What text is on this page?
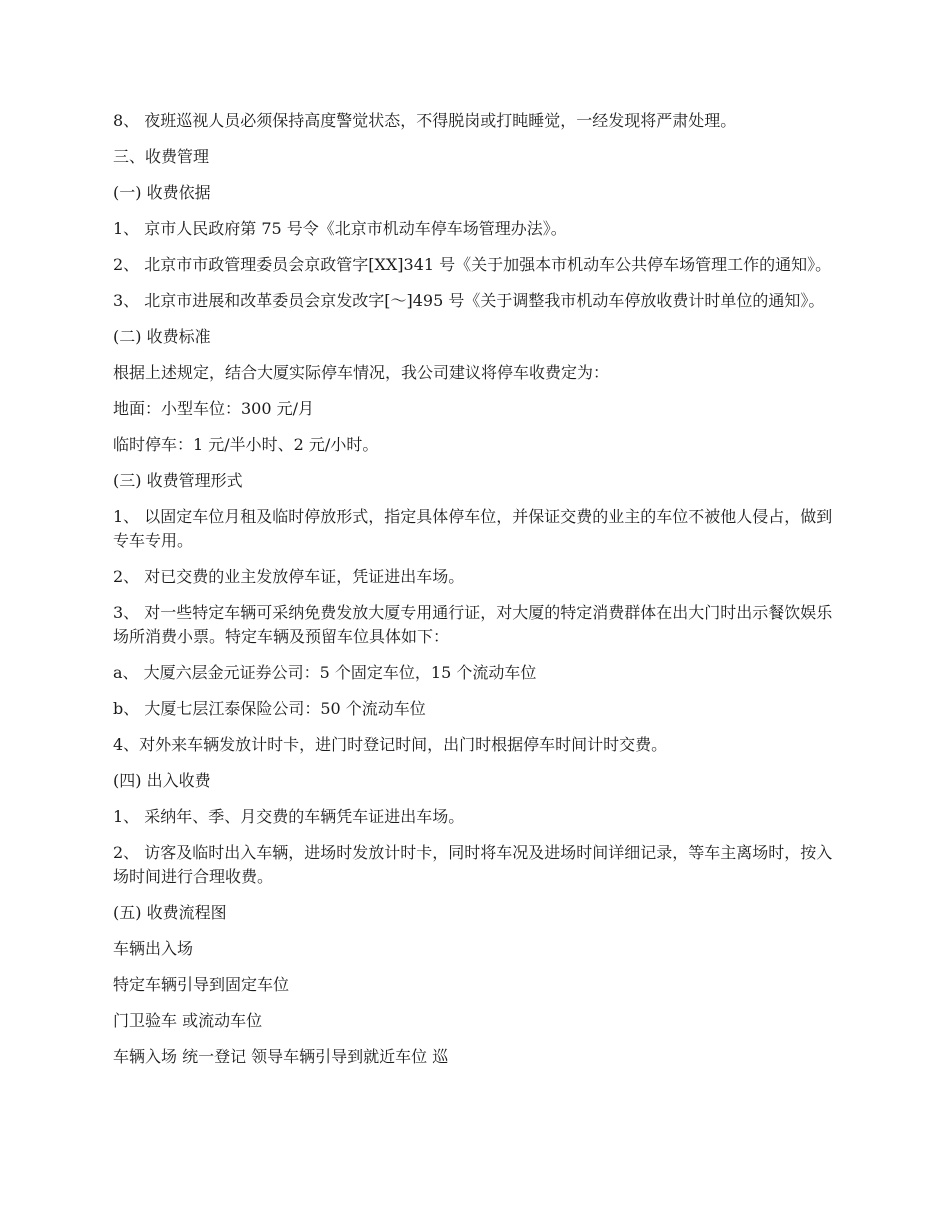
8、 夜班巡视人员必须保持高度警觉状态，不得脱岗或打盹睡觉，一经发现将严肃处理。

三、收费管理

(一) 收费依据

1、 京市人民政府第 75 号令《北京市机动车停车场管理办法》。

2、 北京市市政管理委员会京政管字[XX]341 号《关于加强本市机动车公共停车场管理工作的通知》。

3、 北京市进展和改革委员会京发改字[～]495 号《关于调整我市机动车停放收费计时单位的通知》。

(二) 收费标准

根据上述规定，结合大厦实际停车情况，我公司建议将停车收费定为：

地面：小型车位：300 元/月

临时停车：1 元/半小时、2 元/小时。

(三) 收费管理形式

1、 以固定车位月租及临时停放形式，指定具体停车位，并保证交费的业主的车位不被他人侵占，做到专车专用。

2、 对已交费的业主发放停车证，凭证进出车场。

3、 对一些特定车辆可采纳免费发放大厦专用通行证，对大厦的特定消费群体在出大门时出示餐饮娱乐场所消费小票。特定车辆及预留车位具体如下：

a、 大厦六层金元证券公司：5 个固定车位，15 个流动车位

b、 大厦七层江泰保险公司：50 个流动车位

4、对外来车辆发放计时卡，进门时登记时间，出门时根据停车时间计时交费。

(四) 出入收费

1、 采纳年、季、月交费的车辆凭车证进出车场。

2、 访客及临时出入车辆，进场时发放计时卡，同时将车况及进场时间详细记录，等车主离场时，按入场时间进行合理收费。

(五) 收费流程图

车辆出入场

特定车辆引导到固定车位

门卫验车 或流动车位

车辆入场 统一登记 领导车辆引导到就近车位 巡
